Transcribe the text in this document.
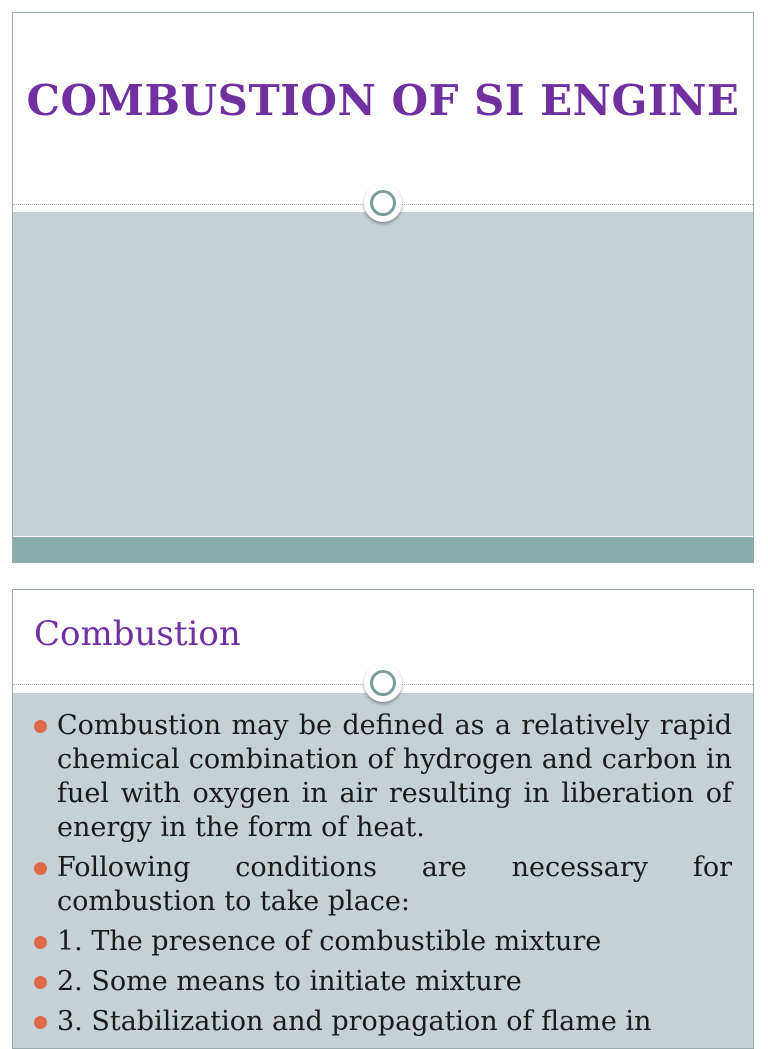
COMBUSTION OF SI ENGINE
Combustion
Combustion may be defined as a relatively rapid chemical combination of hydrogen and carbon in fuel with oxygen in air resulting in liberation of energy in the form of heat.
Following conditions are necessary for combustion to take place:
1. The presence of combustible mixture
2. Some means to initiate mixture
3. Stabilization and propagation of flame in
